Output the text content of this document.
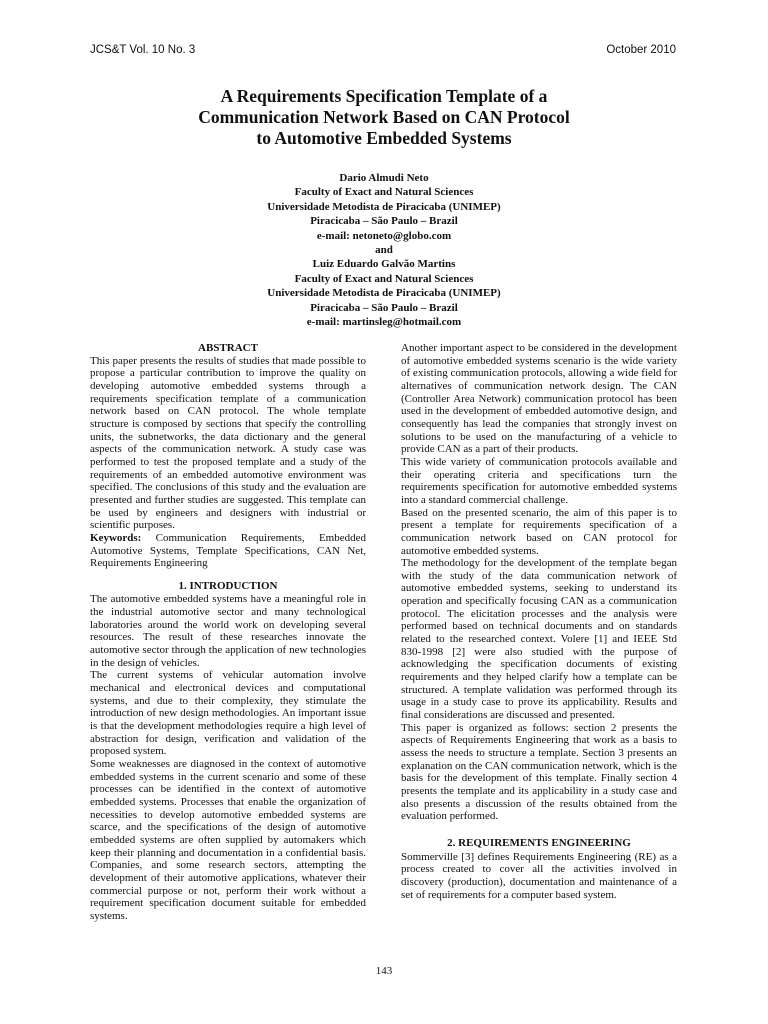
JCS&T Vol. 10 No. 3	October 2010
A Requirements Specification Template of a
Communication Network Based on CAN Protocol
to Automotive Embedded Systems
Dario Almudi Neto
Faculty of Exact and Natural Sciences
Universidade Metodista de Piracicaba (UNIMEP)
Piracicaba – São Paulo – Brazil
e-mail: netoneto@globo.com
and
Luiz Eduardo Galvão Martins
Faculty of Exact and Natural Sciences
Universidade Metodista de Piracicaba (UNIMEP)
Piracicaba – São Paulo – Brazil
e-mail: martinsleg@hotmail.com

ABSTRACT

This paper presents the results of studies that made possible to propose a particular contribution to improve the quality on developing automotive embedded systems through a requirements specification template of a communication network based on CAN protocol. The whole template structure is composed by sections that specify the controlling units, the subnetworks, the data dictionary and the general aspects of the communication network. A study case was performed to test the proposed template and a study of the requirements of an embedded automotive environment was specified. The conclusions of this study and the evaluation are presented and further studies are suggested. This template can be used by engineers and designers with industrial or scientific purposes.

Keywords: Communication Requirements, Embedded Automotive Systems, Template Specifications, CAN Net, Requirements Engineering

1. INTRODUCTION

The automotive embedded systems have a meaningful role in the industrial automotive sector and many technological laboratories around the world work on developing several resources. The result of these researches innovate the automotive sector through the application of new technologies in the design of vehicles.

The current systems of vehicular automation involve mechanical and electronical devices and computational systems, and due to their complexity, they stimulate the introduction of new design methodologies. An important issue is that the development methodologies require a high level of abstraction for design, verification and validation of the proposed system.

Some weaknesses are diagnosed in the context of automotive embedded systems in the current scenario and some of these processes can be identified in the context of automotive embedded systems. Processes that enable the organization of necessities to develop automotive embedded systems are scarce, and the specifications of the design of automotive embedded systems are often supplied by automakers which keep their planning and documentation in a confidential basis. Companies, and some research sectors, attempting the development of their automotive applications, whatever their commercial purpose or not, perform their work without a requirement specification document suitable for embedded systems.

Another important aspect to be considered in the development of automotive embedded systems scenario is the wide variety of existing communication protocols, allowing a wide field for alternatives of communication network design. The CAN (Controller Area Network) communication protocol has been used in the development of embedded automotive design, and consequently has lead the companies that strongly invest on solutions to be used on the manufacturing of a vehicle to provide CAN as a part of their products.

This wide variety of communication protocols available and their operating criteria and specifications turn the requirements specification for automotive embedded systems into a standard commercial challenge.

Based on the presented scenario, the aim of this paper is to present a template for requirements specification of a communication network based on CAN protocol for automotive embedded systems.

The methodology for the development of the template began with the study of the data communication network of automotive embedded systems, seeking to understand its operation and specifically focusing CAN as a communication protocol. The elicitation processes and the analysis were performed based on technical documents and on standards related to the researched context. Volere [1] and IEEE Std 830-1998 [2] were also studied with the purpose of acknowledging the specification documents of existing requirements and they helped clarify how a template can be structured. A template validation was performed through its usage in a study case to prove its applicability. Results and final considerations are discussed and presented.

This paper is organized as follows: section 2 presents the aspects of Requirements Engineering that work as a basis to assess the needs to structure a template. Section 3 presents an explanation on the CAN communication network, which is the basis for the development of this template. Finally section 4 presents the template and its applicability in a study case and also presents a discussion of the results obtained from the evaluation performed.

2. REQUIREMENTS ENGINEERING

Sommerville [3] defines Requirements Engineering (RE) as a process created to cover all the activities involved in discovery (production), documentation and maintenance of a set of requirements for a computer based system.

143
